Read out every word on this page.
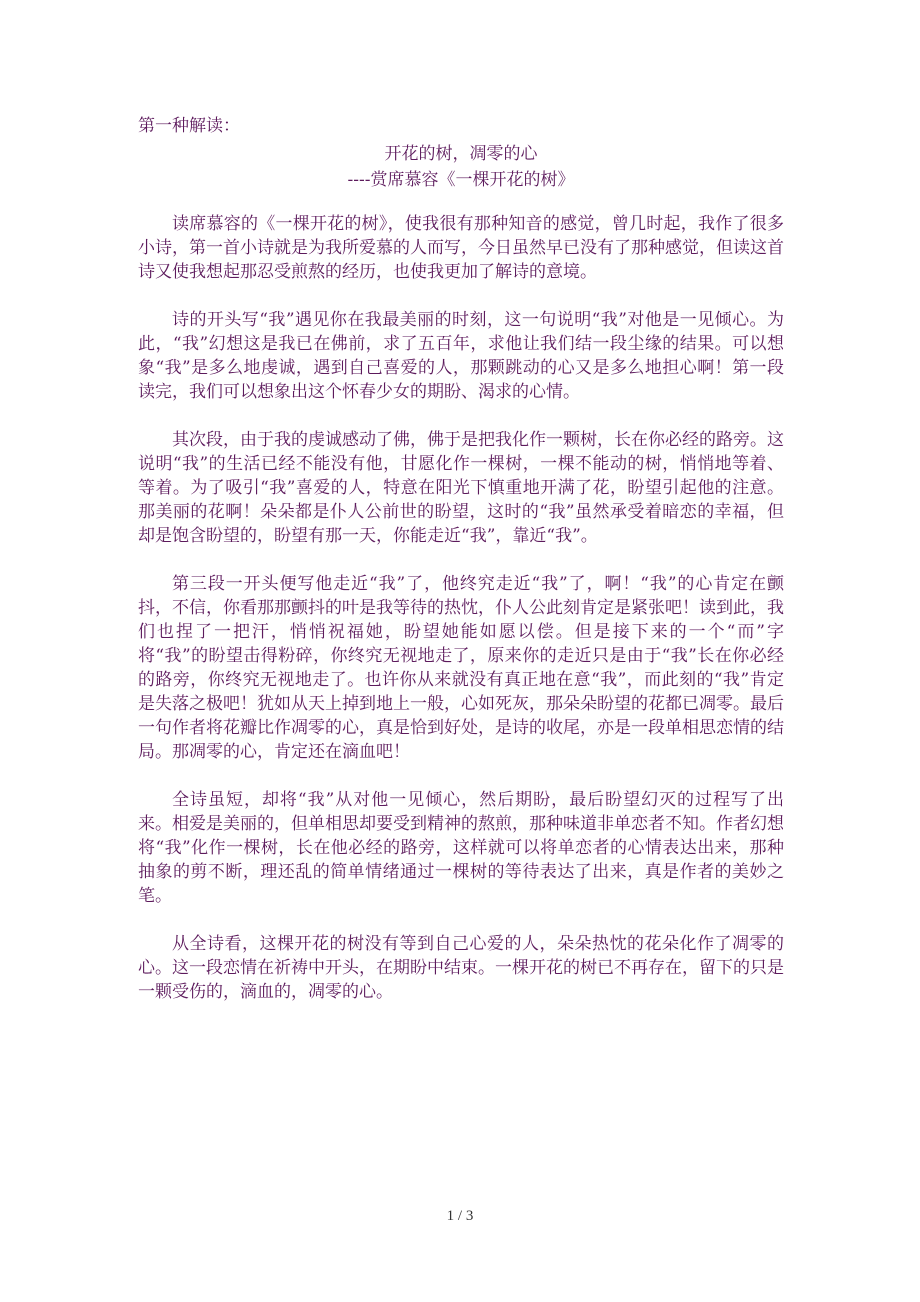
第一种解读：

开花的树，凋零的心

----赏席慕容《一棵开花的树》

读席慕容的《一棵开花的树》，使我很有那种知音的感觉，曾几时起，我作了很多小诗，第一首小诗就是为我所爱慕的人而写，今日虽然早已没有了那种感觉，但读这首诗又使我想起那忍受煎熬的经历，也使我更加了解诗的意境。

诗的开头写“我”遇见你在我最美丽的时刻，这一句说明“我”对他是一见倾心。为此，“我”幻想这是我已在佛前，求了五百年，求他让我们结一段尘缘的结果。可以想象“我”是多么地虔诚，遇到自己喜爱的人，那颗跳动的心又是多么地担心啊！第一段读完，我们可以想象出这个怀春少女的期盼、渴求的心情。

其次段，由于我的虔诚感动了佛，佛于是把我化作一颗树，长在你必经的路旁。这说明“我”的生活已经不能没有他，甘愿化作一棵树，一棵不能动的树，悄悄地等着、等着。为了吸引“我”喜爱的人，特意在阳光下慎重地开满了花，盼望引起他的注意。那美丽的花啊！朵朵都是仆人公前世的盼望，这时的“我”虽然承受着暗恋的幸福，但却是饱含盼望的，盼望有那一天，你能走近“我”，靠近“我”。

第三段一开头便写他走近“我”了，他终究走近“我”了，啊！“我”的心肯定在颤抖，不信，你看那那颤抖的叶是我等待的热忱，仆人公此刻肯定是紧张吧！读到此，我们也捏了一把汗，悄悄祝福她，盼望她能如愿以偿。但是接下来的一个“而”字将“我”的盼望击得粉碎，你终究无视地走了，原来你的走近只是由于“我”长在你必经的路旁，你终究无视地走了。也许你从来就没有真正地在意“我”，而此刻的“我”肯定是失落之极吧！犹如从天上掉到地上一般，心如死灰，那朵朵盼望的花都已凋零。最后一句作者将花瓣比作凋零的心，真是恰到好处，是诗的收尾，亦是一段单相思恋情的结局。那凋零的心，肯定还在滴血吧！

全诗虽短，却将“我”从对他一见倾心，然后期盼，最后盼望幻灭的过程写了出来。相爱是美丽的，但单相思却要受到精神的熬煎，那种味道非单恋者不知。作者幻想将“我”化作一棵树，长在他必经的路旁，这样就可以将单恋者的心情表达出来，那种抽象的剪不断，理还乱的简单情绪通过一棵树的等待表达了出来，真是作者的美妙之笔。

从全诗看，这棵开花的树没有等到自己心爱的人，朵朵热忱的花朵化作了凋零的心。这一段恋情在祈祷中开头，在期盼中结束。一棵开花的树已不再存在，留下的只是一颗受伤的，滴血的，凋零的心。

1 / 3
